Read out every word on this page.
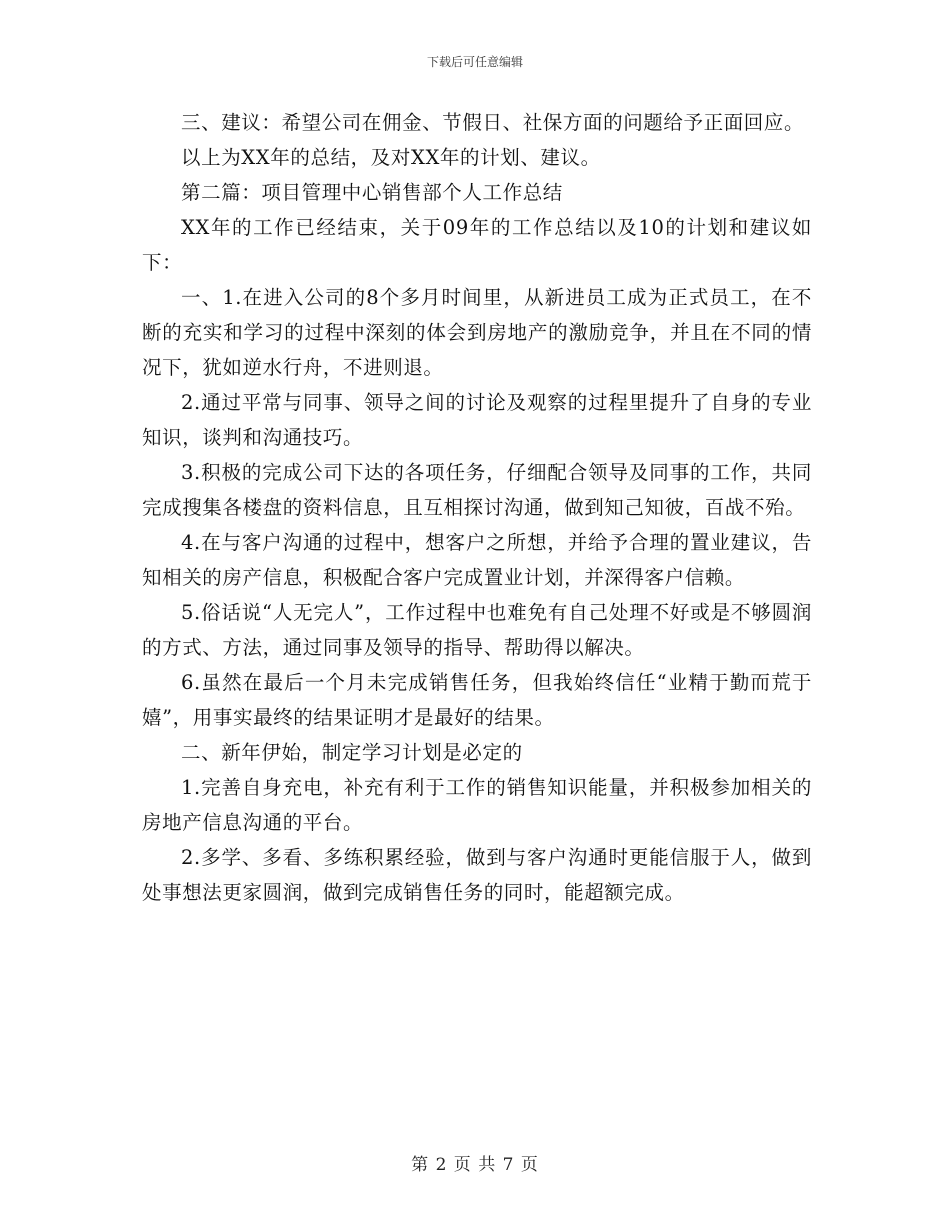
下载后可任意编辑

三、建议：希望公司在佣金、节假日、社保方面的问题给予正面回应。

以上为XX年的总结，及对XX年的计划、建议。

第二篇：项目管理中心销售部个人工作总结

XX年的工作已经结束，关于09年的工作总结以及10的计划和建议如下：

一、1.在进入公司的8个多月时间里，从新进员工成为正式员工，在不断的充实和学习的过程中深刻的体会到房地产的激励竞争，并且在不同的情况下，犹如逆水行舟，不进则退。

2.通过平常与同事、领导之间的讨论及观察的过程里提升了自身的专业知识，谈判和沟通技巧。

3.积极的完成公司下达的各项任务，仔细配合领导及同事的工作，共同完成搜集各楼盘的资料信息，且互相探讨沟通，做到知己知彼，百战不殆。

4.在与客户沟通的过程中，想客户之所想，并给予合理的置业建议，告知相关的房产信息，积极配合客户完成置业计划，并深得客户信赖。

5.俗话说“人无完人”，工作过程中也难免有自己处理不好或是不够圆润的方式、方法，通过同事及领导的指导、帮助得以解决。

6.虽然在最后一个月未完成销售任务，但我始终信任“业精于勤而荒于嬉”，用事实最终的结果证明才是最好的结果。

二、新年伊始，制定学习计划是必定的

1.完善自身充电，补充有利于工作的销售知识能量，并积极参加相关的房地产信息沟通的平台。

2.多学、多看、多练积累经验，做到与客户沟通时更能信服于人，做到处事想法更家圆润，做到完成销售任务的同时，能超额完成。

第 2 页 共 7 页
